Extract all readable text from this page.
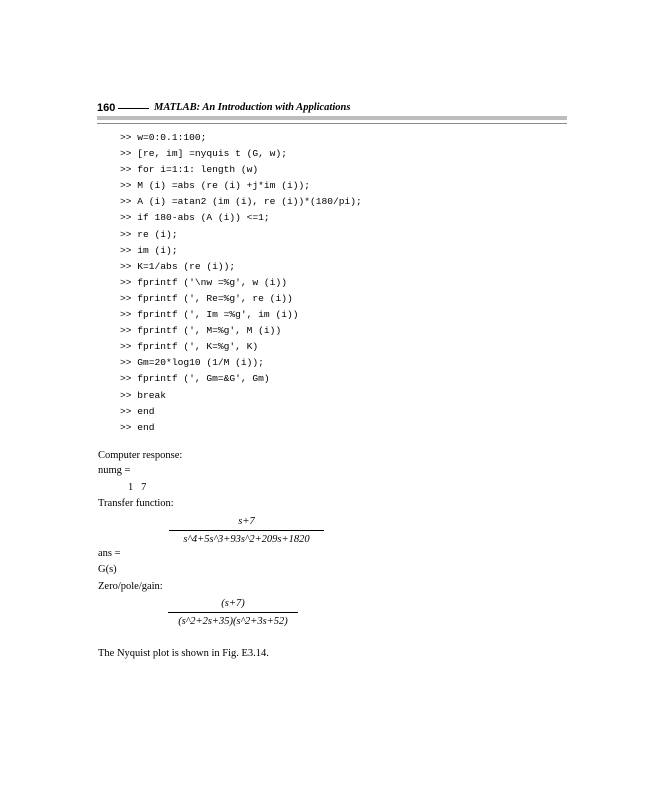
160	MATLAB: An Introduction with Applications
>> w=0:0.1:100;
>> [re, im] =nyquis t (G, w);
>> for i=1:1: length (w)
>> M (i) =abs (re (i) +j*im (i));
>> A (i) =atan2 (im (i), re (i))*(180/pi);
>> if 180-abs (A (i)) <=1;
>> re (i);
>> im (i);
>> K=1/abs (re (i));
>> fprintf ('\nw =%g', w (i))
>> fprintf (', Re=%g', re (i))
>> fprintf (', Im =%g', im (i))
>> fprintf (', M=%g', M (i))
>> fprintf (', K=%g', K)
>> Gm=20*log10 (1/M (i));
>> fprintf (', Gm=&G', Gm)
>> break
>> end
>> end
Computer response:
numg =
1   7
Transfer function:
s+7
s^4+5s^3+93s^2+209s+1820
ans =
G(s)
Zero/pole/gain:
(s+7)
(s^2+2s+35)(s^2+3s+52)
The Nyquist plot is shown in Fig. E3.14.
